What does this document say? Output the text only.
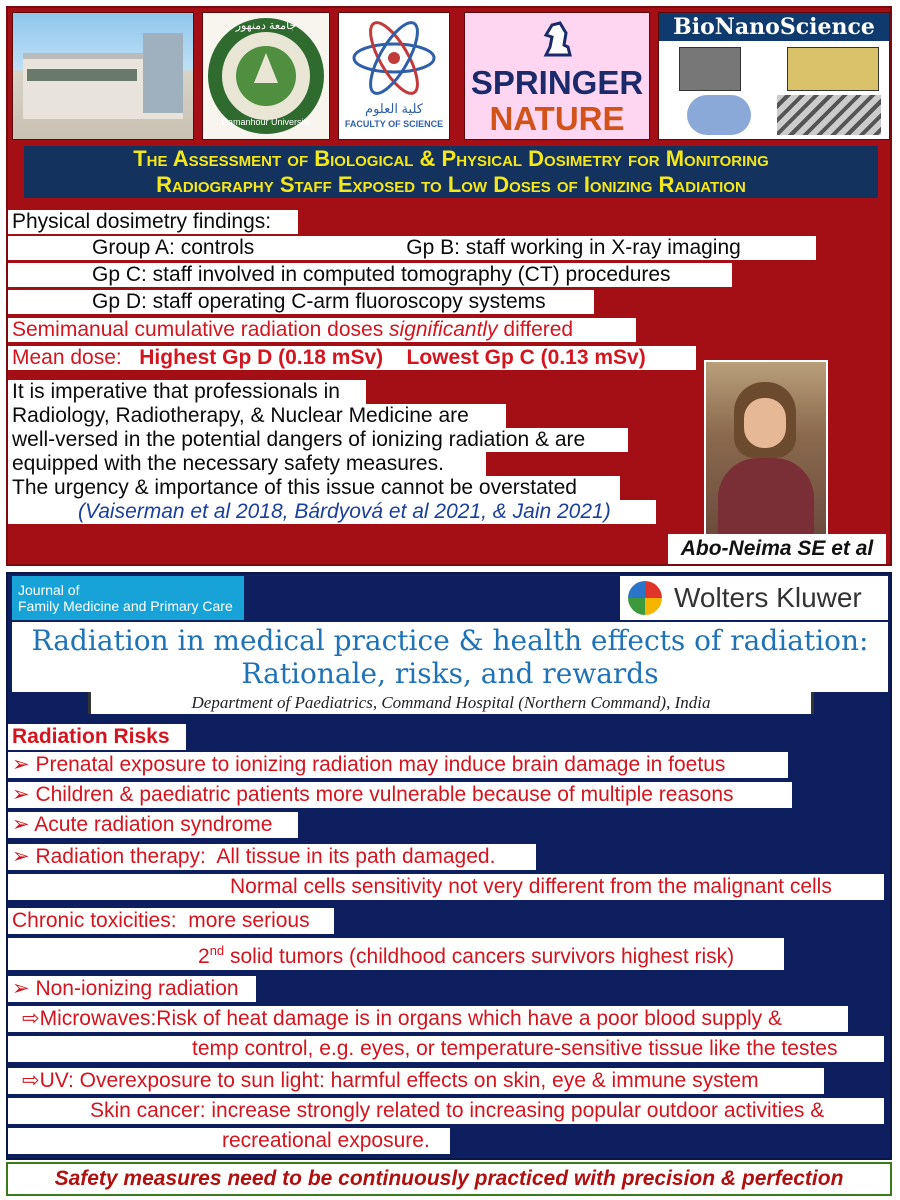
جامعة دمنهور
Damanhour University
كلية العلوم
FACULTY OF SCIENCE
SPRINGER
NATURE
BioNanoScience
The Assessment of Biological & Physical Dosimetry for Monitoring
Radiography Staff Exposed to Low Doses of Ionizing Radiation
Physical dosimetry findings:
Group A: controls	Gp B: staff working in X-ray imaging
Gp C: staff involved in computed tomography (CT) procedures
Gp D: staff operating C-arm fluoroscopy systems
Semimanual cumulative radiation doses significantly differed
Mean dose: Highest Gp D (0.18 mSv) Lowest Gp C (0.13 mSv)
It is imperative that professionals in
Radiology, Radiotherapy, & Nuclear Medicine are
well-versed in the potential dangers of ionizing radiation & are
equipped with the necessary safety measures.
The urgency & importance of this issue cannot be overstated
(Vaiserman et al 2018, Bárdyová et al 2021, & Jain 2021)
Abo-Neima SE et al
Journal of
Family Medicine and Primary Care	Wolters Kluwer
Radiation in medical practice & health effects of radiation:
Rationale, risks, and rewards
Department of Paediatrics, Command Hospital (Northern Command), India
Radiation Risks
➢ Prenatal exposure to ionizing radiation may induce brain damage in foetus
➢ Children & paediatric patients more vulnerable because of multiple reasons
➢ Acute radiation syndrome
➢ Radiation therapy: All tissue in its path damaged.
Normal cells sensitivity not very different from the malignant cells
Chronic toxicities: more serious
2nd solid tumors (childhood cancers survivors highest risk)
➢ Non-ionizing radiation
⇨Microwaves:Risk of heat damage is in organs which have a poor blood supply &
temp control, e.g. eyes, or temperature-sensitive tissue like the testes
⇨UV: Overexposure to sun light: harmful effects on skin, eye & immune system
Skin cancer: increase strongly related to increasing popular outdoor activities &
recreational exposure.
Safety measures need to be continuously practiced with precision & perfection
